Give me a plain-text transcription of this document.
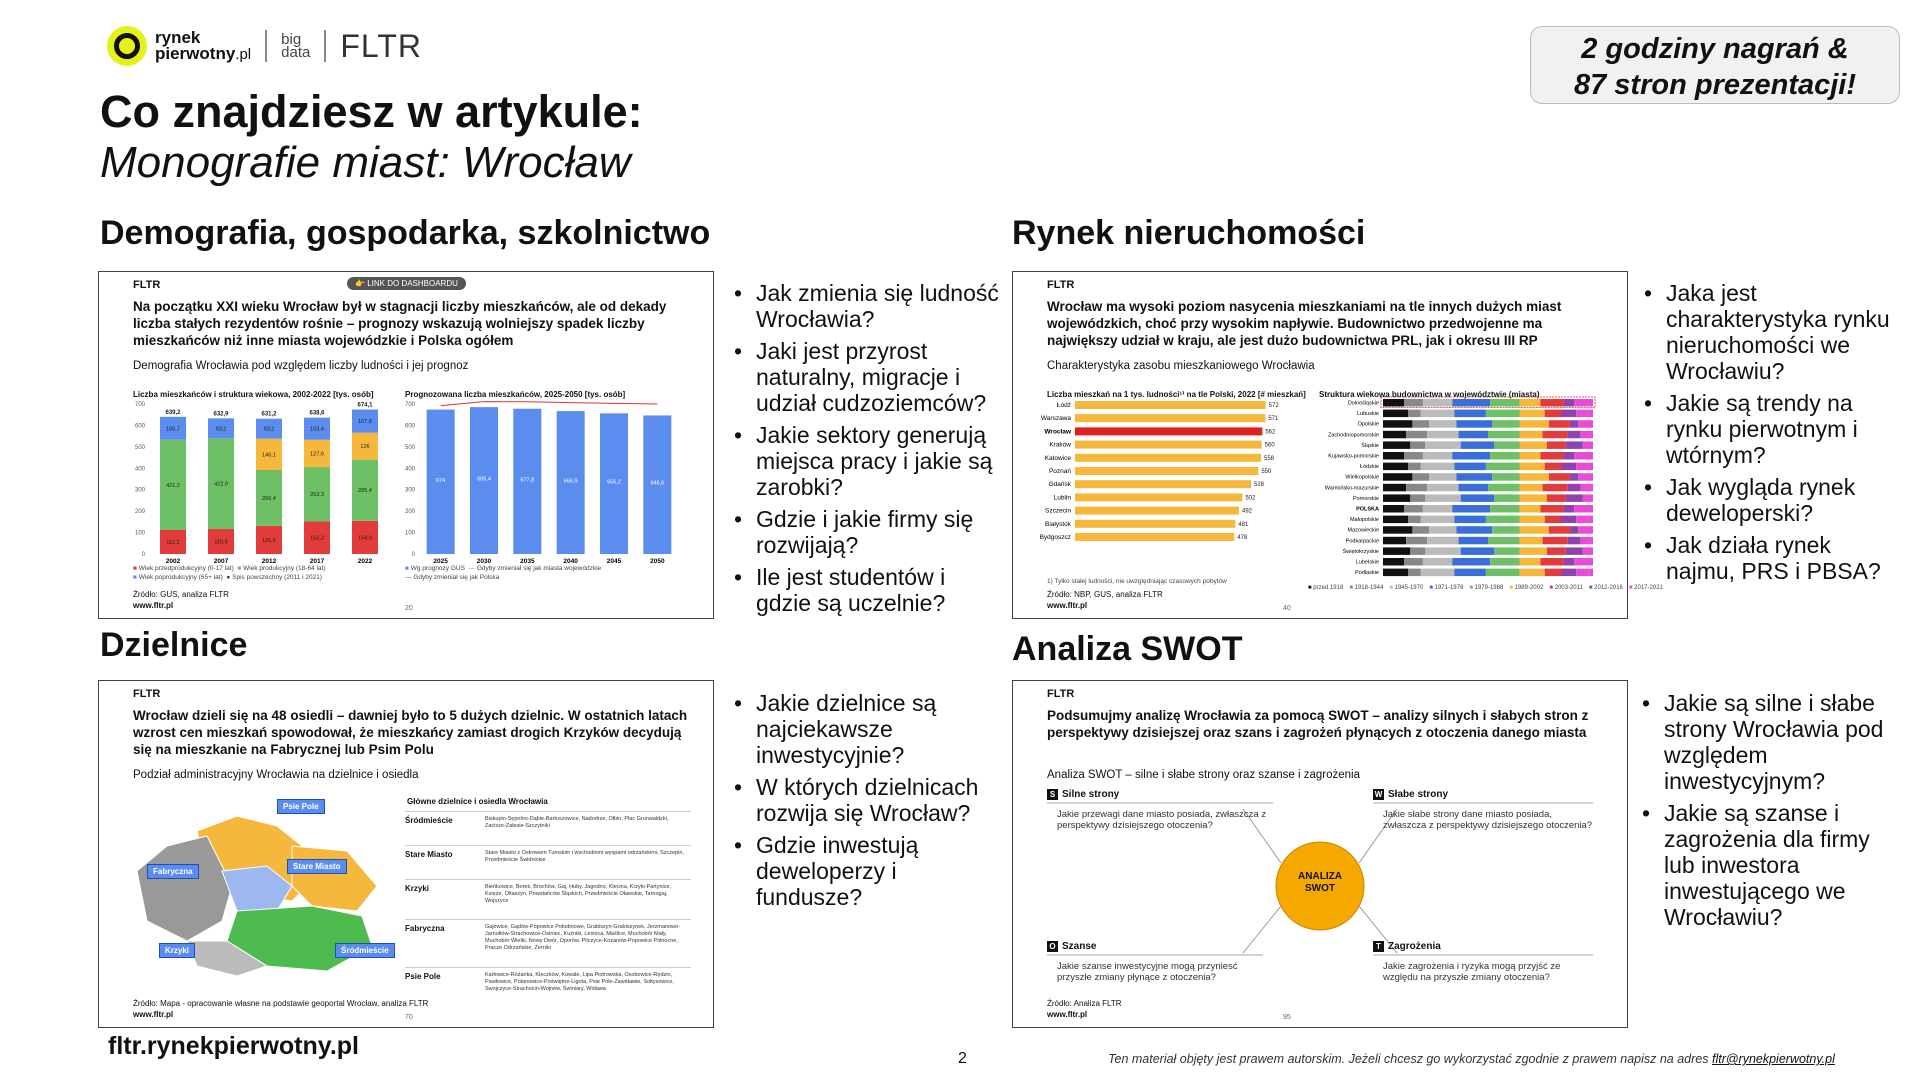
rynek
pierwotny.pl
big
data FLTR	2 godziny nagrań &
87 stron prezentacji!
Co znajdziesz w artykule:
Monografie miast: Wrocław
Demografia, gospodarka, szkolnictwo	Rynek nieruchomości
Dzielnice	Analiza SWOT
FLTR	👉 LINK DO DASHBOARDU
Na początku XXI wieku Wrocław był w stagnacji liczby mieszkańców, ale od dekady liczba stałych rezydentów rośnie – prognozy wskazują wolniejszy spadek liczby mieszkańców niż inne miasta wojewódzkie i Polska ogółem
Demografia Wrocławia pod względem liczby ludności i jej prognoz
Liczba mieszkańców i struktura wiekowa, 2002-2022 [tys. osób]	Prognozowana liczba mieszkańców, 2025-2050 [tys. osób]
0
100
200
300
400
500
600
700
112,2
421,2
106,7
639,2
2002
116,9
422,9
93,2
632,9
2007
131,6
260,4
146,1
93,2
631,2
2012
152,2
253,3
127,6
103,4
638,6
2017
154,9
285,4
126
107,8
674,1
2022
0
100
200
300
400
500
600
700
674
2025
685,4
2030
677,8
2035
666,9
2040
656,2
2045
646,6
2050
■ Wiek przedprodukcyjny (0-17 lat) ■ Wiek produkcyjny (18-64 lat)
■ Wiek poprodukcyjny (65+ lat) ● Spis powszechny (2011 i 2021)
■ Wg prognozy GUS — Gdyby zmieniał się jak miasta wojewódzkie
— Gdyby zmieniał się jak Polska
Źródło: GUS, analiza FLTR
www.fltr.pl	20
FLTR
Wrocław ma wysoki poziom nasycenia mieszkaniami na tle innych dużych miast wojewódzkich, choć przy wysokim napływie. Budownictwo przedwojenne ma największy udział w kraju, ale jest dużo budownictwa PRL, jak i okresu III RP
Charakterystyka zasobu mieszkaniowego Wrocławia
Liczba mieszkań na 1 tys. ludności¹⁾ na tle Polski, 2022 [# mieszkań] Struktura wiekowa budownictwa w województwie (miasta)
Łódź	572
Warszawa	571
Wrocław	562
Kraków	560
Katowice	558
Poznań	550
Gdańsk	528
Lublin	502
Szczecin	492
Białystok	481
Bydgoszcz	478
Dolnośląskie
Lubuskie
Opolskie
Zachodniopomorskie
Śląskie
Kujawsko-pomorskie
Łódzkie
Wielkopolskie
Warmińsko-mazurskie
Pomorskie
POLSKA
Małopolskie
Mazowieckie
Podkarpackie
Świętokrzyskie
Lubelskie
Podlaskie
1) Tylko stałej ludności, nie uwzględniając czasowych pobytów
■ przed 1918 ■ 1918-1944 ■ 1945-1970 ■ 1971-1978 ■ 1979-1988 ■ 1989-2002 ■ 2003-2011 ■ 2012-2016 ■ 2017-2021
Źródło: NBP, GUS, analiza FLTR
www.fltr.pl	40
FLTR
Wrocław dzieli się na 48 osiedli – dawniej było to 5 dużych dzielnic. W ostatnich latach wzrost cen mieszkań spowodował, że mieszkańcy zamiast drogich Krzyków decydują się na mieszkanie na Fabrycznej lub Psim Polu
Podział administracyjny Wrocławia na dzielnice i osiedla
Psie Pole
Fabryczna
Stare Miasto
Krzyki	Śródmieście
Główne dzielnice i osiedla Wrocławia
Śródmieście	Biskupin-Sępolno-Dąbie-Bartoszowice, Nadodrze, Ołbin, Plac Grunwaldzki, Zacisze-Zalesie-Szczytniki
Stare Miasto	Stare Miasto z Ostrowem Tumskim i wschodnimi wyspami odrzańskimi, Szczepin, Przedmieście Świdnickie
Krzyki	Bieńkowice, Borek, Brochów, Gaj, Huby, Jagodno, Klecina, Krzyki-Partynice, Księże, Oltaszyn, Powstańców Śląskich, Przedmieście Oławskie, Tarnogaj, Wojszyce
Fabryczna	Gajowice, Gądów-Popowice Południowe, Grabiszyn-Grabiszynek, Jerzmanowo-Jarnołtów-Strachowice-Osiniec, Kuźniki, Leśnica, Maślice, Muchobór Mały, Muchobór Wielki, Nowy Dwór, Oporów, Pilczyce-Kozanów-Popowice Północne, Pracze Odrzańskie, Żerniki
Psie Pole	Karłowice-Różanka, Kleczków, Kowale, Lipa Piotrowska, Osobowice-Rędzin, Pawłowice, Polanowice-Poświętne-Ligota, Psie Pole-Zawidawie, Sołtysowice, Swojczyce-Strachocin-Wojnów, Świniary, Widawa
Źródło: Mapa - opracowanie własne na podstawie geoportal Wrocław, analiza FLTR
www.fltr.pl	70
FLTR
Podsumujmy analizę Wrocławia za pomocą SWOT – analizy silnych i słabych stron z perspektywy dzisiejszej oraz szans i zagrożeń płynących z otoczenia danego miasta
Analiza SWOT – silne i słabe strony oraz szanse i zagrożenia
ANALIZA
SWOT
S Silne strony
Jakie przewagi dane miasto posiada, zwłaszcza z perspektywy dzisiejszego otoczenia?
W Słabe strony
Jakie słabe strony dane miasto posiada, zwłaszcza z perspektywy dzisiejszego otoczenia?
O Szanse
Jakie szanse inwestycyjne mogą przyniesć przyszłe zmiany płynące z otoczenia?
T Zagrożenia
Jakie zagrożenia i ryzyka mogą przyjść ze względu na przyszłe zmiany otoczenia?
Źródło: Analiza FLTR
www.fltr.pl	95
• Jak zmienia się ludność Wrocławia?
• Jaki jest przyrost naturalny, migracje i udział cudzoziemców?
• Jakie sektory generują miejsca pracy i jakie są zarobki?
• Gdzie i jakie firmy się rozwijają?
• Ile jest studentów i gdzie są uczelnie?
• Jaka jest charakterystyka rynku nieruchomości we Wrocławiu?
• Jakie są trendy na rynku pierwotnym i wtórnym?
• Jak wygląda rynek deweloperski?
• Jak działa rynek najmu, PRS i PBSA?
• Jakie dzielnice są najciekawsze inwestycyjnie?
• W których dzielnicach rozwija się Wrocław?
• Gdzie inwestują deweloperzy i fundusze?
• Jakie są silne i słabe strony Wrocławia pod względem inwestycyjnym?
• Jakie są szanse i zagrożenia dla firmy lub inwestora inwestującego we Wrocławiu?
fltr.rynekpierwotny.pl	2	Ten materiał objęty jest prawem autorskim. Jeżeli chcesz go wykorzystać zgodnie z prawem napisz na adres fltr@rynekpierwotny.pl
